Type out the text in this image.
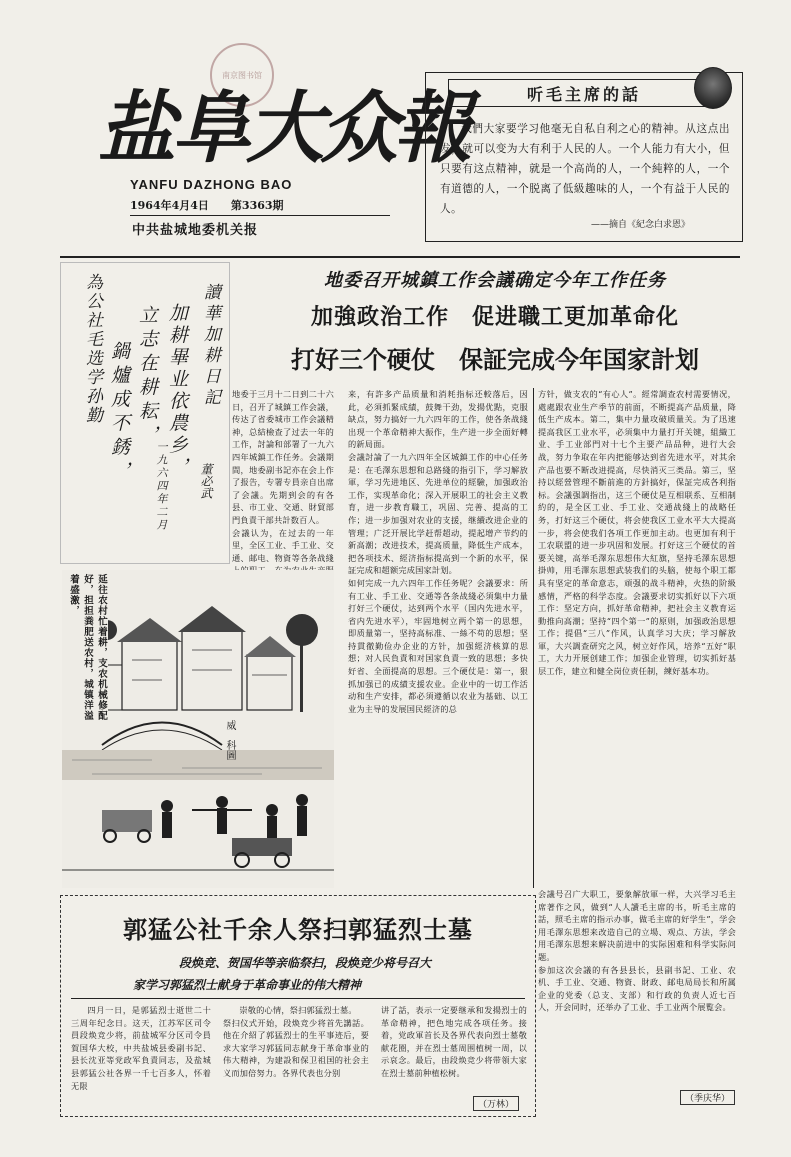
南京图书馆
盐阜大众報
YANFU DAZHONG BAO
1964年4月4日　　第3363期
中共盐城地委机关报
听毛主席的話
我們大家要学习他毫无自私自利之心的精神。从这点出发，就可以变为大有利于人民的人。一个人能力有大小，但只要有这点精神，就是一个高尚的人，一个純粹的人，一个有道德的人，一个脱离了低級趣味的人，一个有益于人民的人。
——摘自《紀念白求恩》
讀華加耕日記
董必武
加耕畢业依農乡，
立志在耕耘，
鍋爐成不銹，
為公社毛选学孙勤
一九六四年二月
地委召开城鎮工作会議确定今年工作任务
加強政治工作　促进職工更加革命化
打好三个硬仗　保証完成今年国家計划
地委于三月十二日到二十六日，召开了城鎮工作会議，传达了省委城市工作会議精神，总結檢查了过去一年的工作，討論和部署了一九六四年城鎮工作任务。会議期間，地委副书記亦在会上作了报告，专署专員亲自出席了会議。先期到会的有各县、市工业、交通、財貿部門負責干部共計数百人。
会議认为，在过去的一年里，全区工业、手工业、交通、邮电、物資等各条战綫
来，有許多产品质量和消耗指标还較落后，因此，必須抓緊成績，鼓舞干劲，发揚优點，克服缺点，努力搞好一九六四年的工作，使各条战綫出现一个革命精神大振作，生产进一步全面好轉的新局面。
会議討論了一九六四年全区城鎮工作的中心任务是：在毛澤东思想和总路綫的指引下，学习解放軍，学习先进地区、先进单位的經驗，加强政治工作，实现革命化；深入开展职工的社会主义教育，进一步教育職工，巩固、完善、提高的工作；进一步加强对农业的支援，继續改进企业的管理；广泛开展比学赶帮超动，提起增产节约的新高潮；改进技术，提高质量，降低生产成本，把各项技术、經济指标提高到一个新的水平，保証完成和超额完成国家計划。
如何完成一九六四年工作任务呢？会議要求：所有工业、手工业、交通等各条战綫必須集中力量打好三个硬仗，达到两个水平（国内先进水平，省内先进水平），牢固地树立两个第一的思想，即质量第一，坚持高标准、一絲不苟的思想；坚持貫徹勤俭办企业的方针，加强經济核算的思想；对人民負責和对国家負責一致的思想；多快好省、全面提高的思想。三个硬仗是：第一，狠抓加强已的成績支援农业。企业中的一切工作活动和生产安排，都必須遵循以农业为基础、以工业为主导的发展国民經济的总
方针，做支农的“有心人”。經常調查农村需要情况，處處跟农业生产季节的前面，不断提高产品质量，降低生产成本。第二，集中力量攻破质量关。为了迅速提高我区工业水平，必須集中力量打开关键，組織工业、手工业部門对十七个主要产品品种，进行大会战，努力争取在年内把能够达到省先进水平，对其余产品也要不断改进提高，尽快消灭三类品。第三，坚持以經營管理不斷前進的方針搞好，保証完成各利指标。会議强調指出，这三个硬仗是互相联系、互相制約的，是全区工业、手工业、交通战綫上的战略任务，打好这三个硬仗，将会使我区工业水平大大提高一步，将会使我们各項工作更加主动。也更加有利于工农联盟的进一步巩固和发展。打好这三个硬仗的首要关键，高举毛澤东思想伟大紅旗，坚持毛澤东思想掛帅，用毛澤东思想武装我们的头脑，使每个职工都具有坚定的革命意志，頑强的战斗精神，火热的阶級感情，严格的科学态度。会議要求切实抓好以下六项工作：坚定方向，抓好革命精神，把社会主义教育运動推向高潮；坚持“四个第一”的原则，加强政治思想工作；提倡“三八”作风，认真学习大庆；学习解放軍，大兴調查研究之风，树立好作风，培养“五好”职工，大力开展创建工作；加强企业管理，切实抓好基层工作，建立和健全岗位责任制，練好基本功。
延往农村忙着耕，支农机械修配好，担担粪肥送农村，城镇洋溢着盛激，
威　科圖
郭猛公社千余人祭扫郭猛烈士墓
段焕竞、贺国华等亲临祭扫，段焕竞少将号召大
家学习郭猛烈士献身于革命事业的伟大精神
四月一日，是郭猛烈士逝世二十三周年纪念日。这天，江苏军区司令員段焕竞少将，前盐城军分区司令員賀国华大校，中共盐城县委副书記、县长沈亚等党政军負責同志，及盐城县郭猛公社各界一千七百多人，怀着无限
崇敬的心情，祭扫郭猛烈士墓。
祭扫仪式开始，段焕竞少将首先講話。他在介紹了郭猛烈士的生平事迹后，要求大家学习郭猛同志献身于革命事业的伟大精神，为建設和保卫祖国的社会主义而加倍努力。各界代表也分别
讲了話，表示一定要继承和发揚烈士的革命精神，把色地完成各项任务。接着，党政軍首长及各界代表向烈士墓敬献花圈，并在烈士墓周围植树一周，以示哀念。最后，由段焕竞少将带領大家在烈士墓前种植松树。
（万林）
会議号召广大职工，要象解放軍一样，大兴学习毛主席著作之风，做到“人人讀毛主席的书，听毛主席的話，照毛主席的指示办事，做毛主席的好学生”，学会用毛澤东思想来改造自己的立場、观点、方法，学会用毛澤东思想来解决前进中的实际困难和科学实际问题。
参加这次会議的有各县县长，县副书記、工业、农机、手工业、交通、物資、財政、邮电局局长和所属企业的党委（总支、支部）和行政的负责人近七百人，开会同时，还举办了工业、手工业两个展覧会。
（季庆华）
